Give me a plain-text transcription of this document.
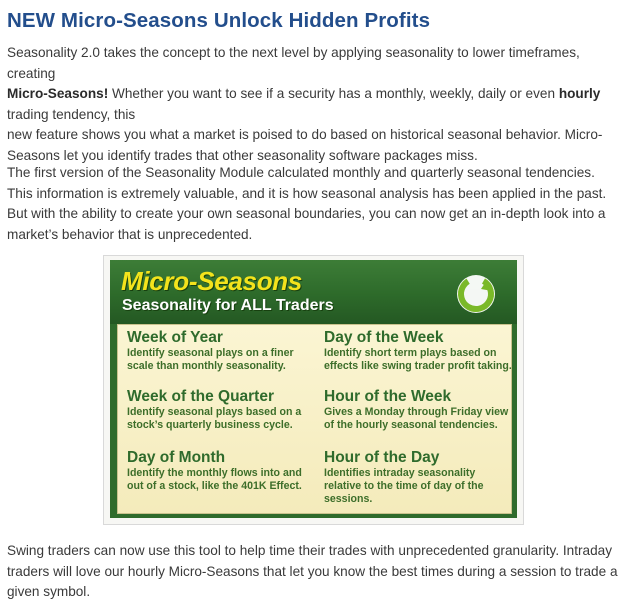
NEW Micro-Seasons Unlock Hidden Profits

Seasonality 2.0 takes the concept to the next level by applying seasonality to lower timeframes, creating
Micro-Seasons! Whether you want to see if a security has a monthly, weekly, daily or even hourly
trading tendency, this
new feature shows you what a market is poised to do based on historical seasonal behavior. Micro-Seasons let you identify trades that other seasonality software packages miss.

The first version of the Seasonality Module calculated monthly and quarterly seasonal tendencies. This information is extremely valuable, and it is how seasonal analysis has been applied in the past. But with the ability to create your own seasonal boundaries, you can now get an in-depth look into a market’s behavior that is unprecedented.

Micro-Seasons
Seasonality for ALL Traders
Week of Year
Identify seasonal plays on a finer scale than monthly seasonality.
Day of the Week
Identify short term plays based on effects like swing trader profit taking.
Week of the Quarter
Identify seasonal plays based on a stock’s quarterly business cycle.
Hour of the Week
Gives a Monday through Friday view of the hourly seasonal tendencies.
Day of Month
Identify the monthly flows into and out of a stock, like the 401K Effect.
Hour of the Day
Identifies intraday seasonality relative to the time of day of the sessions.

Swing traders can now use this tool to help time their trades with unprecedented granularity. Intraday traders will love our hourly Micro-Seasons that let you know the best times during a session to trade a given symbol.
